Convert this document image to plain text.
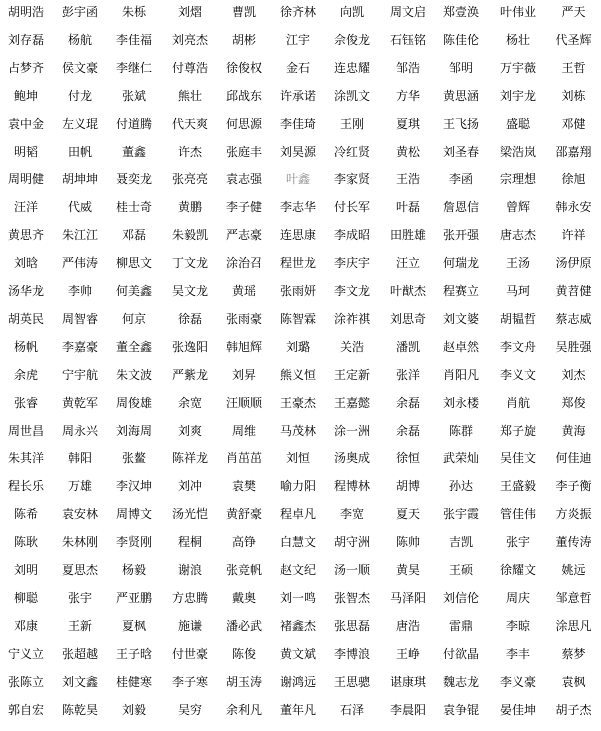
胡明浩	彭宇函	朱栎	刘熠	曹凯	徐齐林	向凯	周文启	郑壹涣	叶伟业	严天
刘存磊	杨航	李佳福	刘亮杰	胡彬	江宇	佘俊龙	石钰铭	陈佳伦	杨壮	代圣辉
占梦齐	侯文豪	李继仁	付尊浩	徐俊权	金石	连忠耀	邹浩	邹明	万宇薇	王哲
鲍坤	付龙	张斌	熊壮	邱战东	许承诺	涂凯文	方华	黄思涵	刘宇龙	刘栋
袁中金	左义琨	付道腾	代天爽	何思源	李佳琦	王刚	夏琪	王飞扬	盛聪	邓健
明韬	田帆	董鑫	许杰	张庭丰	刘昊源	冷红贤	黄松	刘圣春	梁浩岚	邵嘉翔
周明健	胡坤坤	聂奕龙	张亮亮	袁志强	叶鑫	李家贤	王浩	李函	宗理想	徐旭
汪洋	代威	桂士奇	黄鹏	李子健	李志华	付长军	叶磊	詹恩信	曾辉	韩永安
黄思齐	朱江江	邓磊	朱毅凯	严志豪	连思康	李成昭	田胜雄	张开强	唐志杰	许祥
刘晗	严伟涛	柳思文	丁文龙	涂治召	程世龙	李庆宇	汪立	何瑞龙	王汤	汤伊原
汤华龙	李帅	何美鑫	吴文龙	黄瑶	张雨妍	李文龙	叶猷杰	程赛立	马珂	黄苕健
胡英民	周智睿	何京	徐磊	张雨豪	陈智霖	涂祚祺	刘思奇	刘文婆	胡韫哲	蔡志威
杨帆	李嘉豪	董全鑫	张逸阳	韩旭辉	刘璐	关浩	潘凯	赵卓然	李文舟	吴胜强
余虎	宁宇航	朱文波	严紫龙	刘昇	熊义恒	王定新	张洋	肖阳凡	李义文	刘杰
张睿	黄乾军	周俊雄	余宽	汪顺顺	王豪杰	王嘉懿	余磊	刘永楼	肖航	郑俊
周世昌	周永兴	刘海周	刘爽	周维	马茂林	涂一洲	余磊	陈群	郑子旋	黄海
朱其洋	韩阳	张鳌	陈祥龙	肖茁茁	刘恒	汤奥成	徐恒	武荣灿	吴佳文	何佳迪
程长乐	万雄	李汉坤	刘冲	袁樊	喻力阳	程博林	胡博	孙达	王盛毅	李子衡
陈希	袁安林	周博文	汤光恺	黄舒豪	程卓凡	李宽	夏天	张宇霞	管佳伟	方炎振
陈耿	朱林刚	李贤刚	程桐	高铮	白慧文	胡守洲	陈帅	吉凯	张宇	董传涛
刘明	夏思杰	杨毅	谢浪	张竞帆	赵文纪	汤一顺	黄昊	王硕	徐耀文	姚远
柳聪	张宇	严亚鹏	方忠腾	戴奥	刘一鸣	张智杰	马泽阳	刘信伦	周庆	邹意哲
邓康	王新	夏枫	施谦	潘必武	褚鑫杰	张思磊	唐浩	雷鼎	李晾	涂思凡
宁义立	张超越	王子晗	付世豪	陈俊	黄文斌	李博浪	王峥	付欲晶	李丰	蔡梦
张陈立	刘文鑫	桂健寒	李子寒	胡玉涛	谢鸿远	王思骢	谌康琪	魏志龙	李义豪	袁枫
郭自宏	陈乾昊	刘毅	吴穷	余利凡	董年凡	石泽	李晨阳	袁争锟	晏佳坤	胡子杰
